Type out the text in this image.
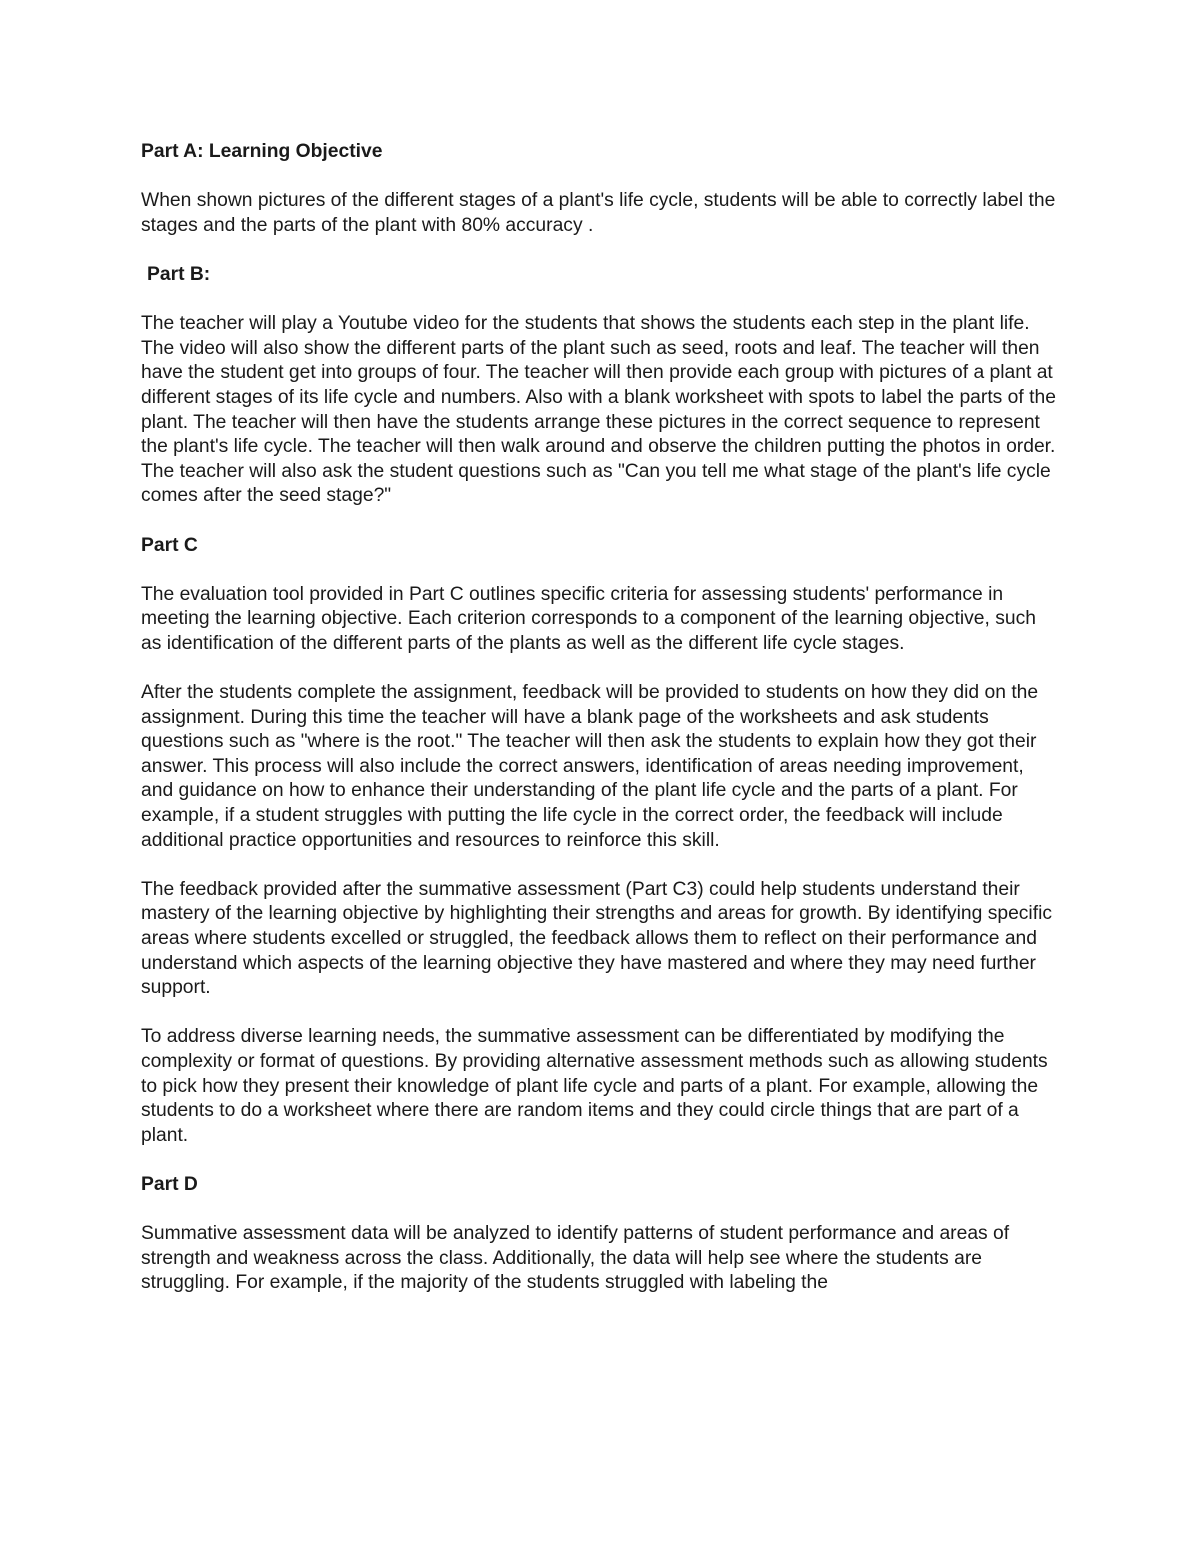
Part A: Learning Objective

When shown pictures of the different stages of a plant's life cycle, students will be able to correctly label the stages and the parts of the plant with 80% accuracy .

Part B:

The teacher will play a Youtube video for the students that shows the students each step in the plant life. The video will also show the different parts of the plant such as seed, roots and leaf. The teacher will then have the student get into groups of four. The teacher will then provide each group with pictures of a plant at different stages of its life cycle and numbers. Also with a blank worksheet with spots to label the parts of the plant. The teacher will then have the students arrange these pictures in the correct sequence to represent the plant's life cycle. The teacher will then walk around and observe the children putting the photos in order. The teacher will also ask the student questions such as "Can you tell me what stage of the plant's life cycle comes after the seed stage?"

Part C

The evaluation tool provided in Part C outlines specific criteria for assessing students' performance in meeting the learning objective. Each criterion corresponds to a component of the learning objective, such as identification of the different parts of the plants as well as the different life cycle stages.

After the students complete the assignment, feedback will be provided to students on how they did on the assignment. During this time the teacher will have a blank page of the worksheets and ask students questions such as "where is the root." The teacher will then ask the students to explain how they got their answer. This process will also include the correct answers, identification of areas needing improvement, and guidance on how to enhance their understanding of the plant life cycle and the parts of a plant. For example, if a student struggles with putting the life cycle in the correct order, the feedback will include additional practice opportunities and resources to reinforce this skill.

The feedback provided after the summative assessment (Part C3) could help students understand their mastery of the learning objective by highlighting their strengths and areas for growth. By identifying specific areas where students excelled or struggled, the feedback allows them to reflect on their performance and understand which aspects of the learning objective they have mastered and where they may need further support.

To address diverse learning needs, the summative assessment can be differentiated by modifying the complexity or format of questions. By providing alternative assessment methods such as allowing students to pick how they present their knowledge of plant life cycle and parts of a plant. For example, allowing the students to do a worksheet where there are random items and they could circle things that are part of a plant.

Part D

Summative assessment data will be analyzed to identify patterns of student performance and areas of strength and weakness across the class. Additionally, the data will help see where the students are struggling. For example, if the majority of the students struggled with labeling the
